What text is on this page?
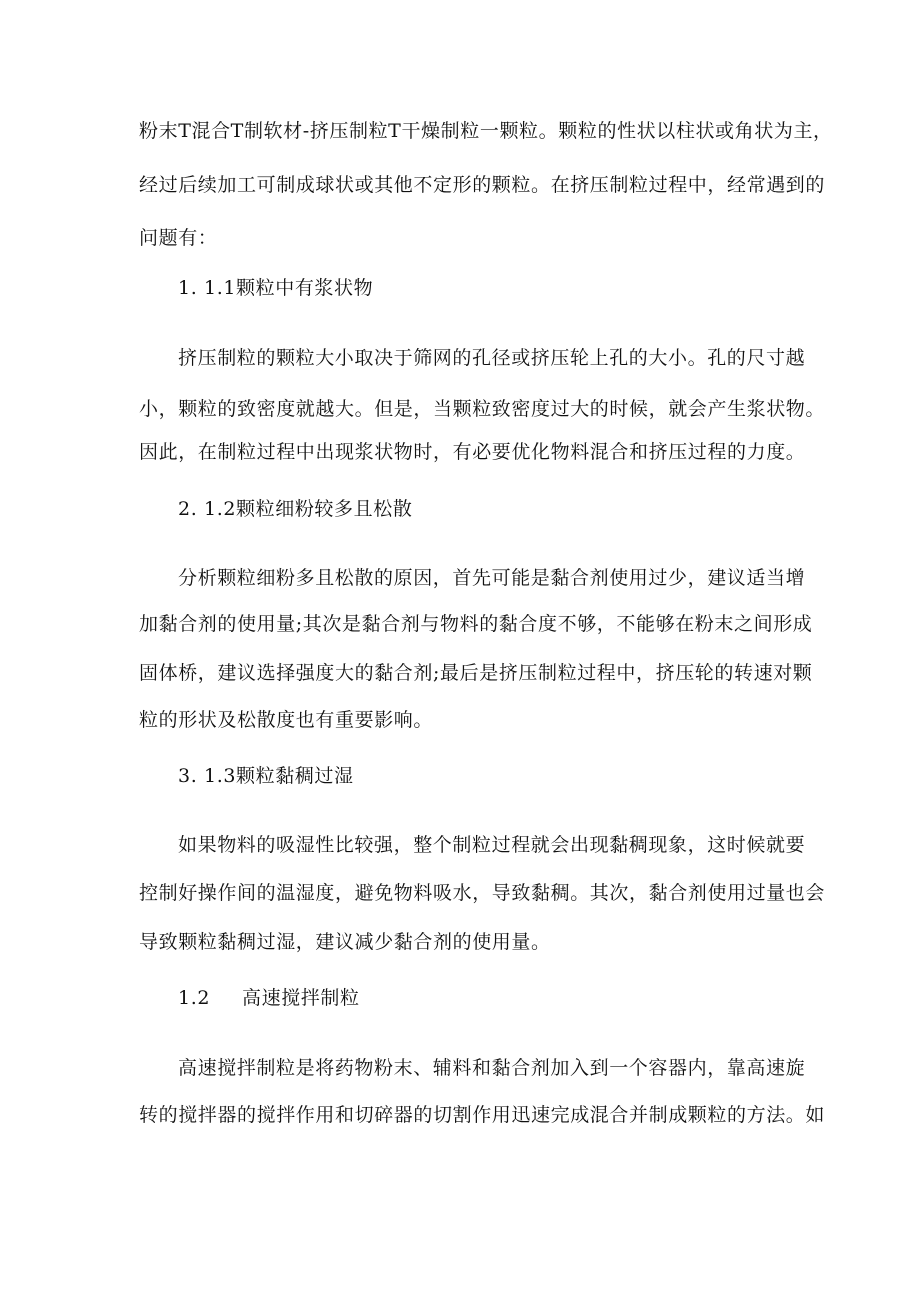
粉末T混合T制软材-挤压制粒T干燥制粒一颗粒。颗粒的性状以柱状或角状为主，
经过后续加工可制成球状或其他不定形的颗粒。在挤压制粒过程中，经常遇到的
问题有：
1. 1.1颗粒中有浆状物
挤压制粒的颗粒大小取决于筛网的孔径或挤压轮上孔的大小。孔的尺寸越
小，颗粒的致密度就越大。但是，当颗粒致密度过大的时候，就会产生浆状物。
因此，在制粒过程中出现浆状物时，有必要优化物料混合和挤压过程的力度。
2. 1.2颗粒细粉较多且松散
分析颗粒细粉多且松散的原因，首先可能是黏合剂使用过少，建议适当增
加黏合剂的使用量;其次是黏合剂与物料的黏合度不够，不能够在粉末之间形成
固体桥，建议选择强度大的黏合剂;最后是挤压制粒过程中，挤压轮的转速对颗
粒的形状及松散度也有重要影响。
3. 1.3颗粒黏稠过湿
如果物料的吸湿性比较强，整个制粒过程就会出现黏稠现象，这时候就要
控制好操作间的温湿度，避免物料吸水，导致黏稠。其次，黏合剂使用过量也会
导致颗粒黏稠过湿，建议减少黏合剂的使用量。
1.2 高速搅拌制粒
高速搅拌制粒是将药物粉末、辅料和黏合剂加入到一个容器内，靠高速旋
转的搅拌器的搅拌作用和切碎器的切割作用迅速完成混合并制成颗粒的方法。如
